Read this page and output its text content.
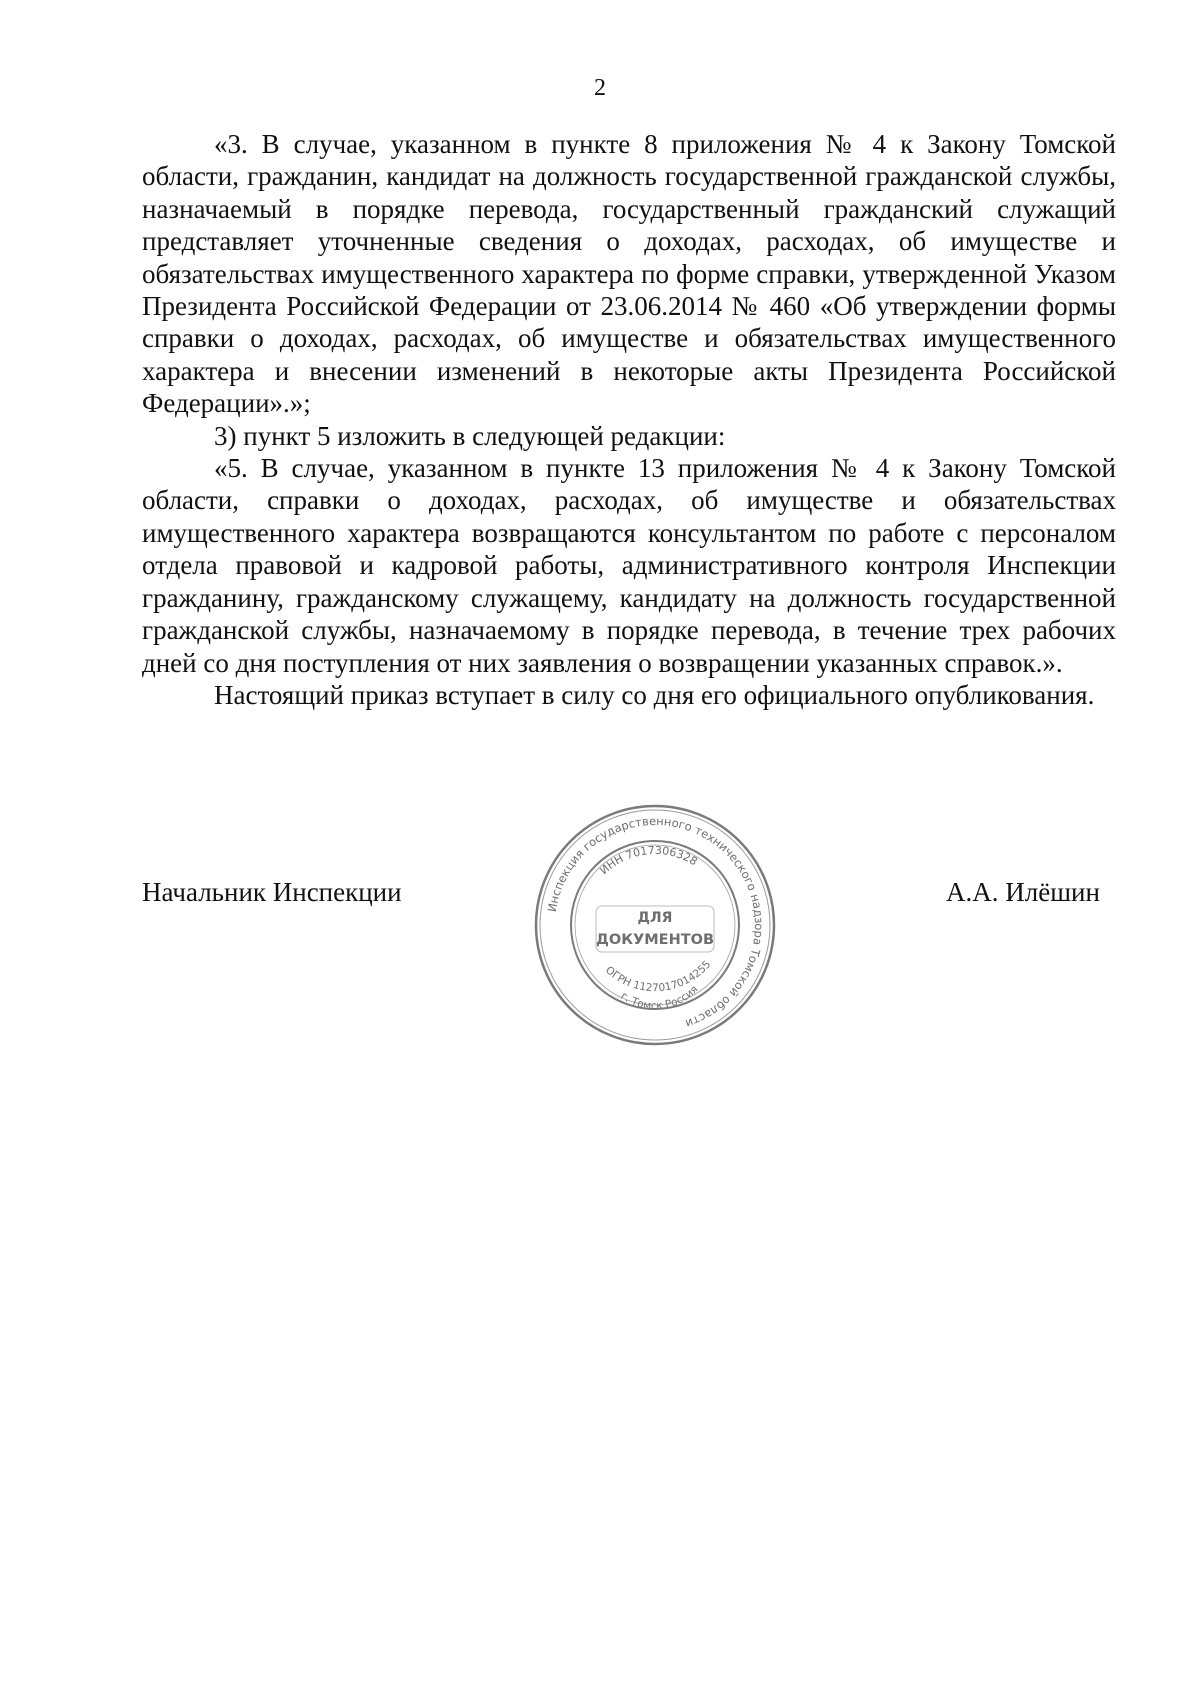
2

«3. В случае, указанном в пункте 8 приложения № 4 к Закону Томской области, гражданин, кандидат на должность государственной гражданской службы, назначаемый в порядке перевода, государственный гражданский служащий представляет уточненные сведения о доходах, расходах, об имуществе и обязательствах имущественного характера по форме справки, утвержденной Указом Президента Российской Федерации от 23.06.2014 № 460 «Об утверждении формы справки о доходах, расходах, об имуществе и обязательствах имущественного характера и внесении изменений в некоторые акты Президента Российской Федерации».»;

3) пункт 5 изложить в следующей редакции:

«5. В случае, указанном в пункте 13 приложения № 4 к Закону Томской области, справки о доходах, расходах, об имуществе и обязательствах имущественного характера возвращаются консультантом по работе с персоналом отдела правовой и кадровой работы, административного контроля Инспекции гражданину, гражданскому служащему, кандидату на должность государственной гражданской службы, назначаемому в порядке перевода, в течение трех рабочих дней со дня поступления от них заявления о возвращении указанных справок.».

Настоящий приказ вступает в силу со дня его официального опубликования.

Начальник Инспекции	А.А. Илёшин
Инспекция государственного технического надзора Томской области
ИНН 7017306328
ДЛЯ
ДОКУМЕНТОВ
ОГРН 1127017014255
г. Томск Россия
